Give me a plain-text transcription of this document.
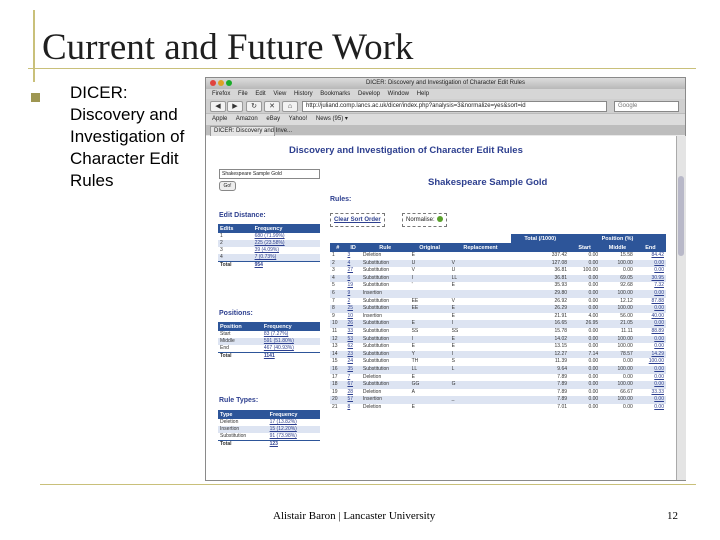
Current and Future Work
DICER: Discovery and Investigation of Character Edit Rules
Alistair Baron | Lancaster University	12
DICER: Discovery and Investigation of Character Edit Rules
Firefox File Edit View History Bookmarks Develop Window Help
◀	▶	↻	✕	⌂	http://juliand.comp.lancs.ac.uk/dicer/index.php?analysis=3&normalize=yes&sort=id	Google
Apple Amazon eBay Yahoo! News (95) ▾
DICER: Discovery and Inve...
Discovery and Investigation of Character Edit Rules
Shakespeare Sample Gold
Go!	Shakespeare Sample Gold
Rules:
Clear Sort Order	Normalise:
Edit Distance:
Edits	Frequency
1	680 (71.99%)
2	225 (23.58%)
3	39 (4.09%)
4	7 (0.73%)
Total	954
Positions:
Position	Frequency
Start	83 (7.27%)
Middle	591 (51.80%)
End	467 (40.93%)
Total	1141
Rule Types:
Type	Frequency
Deletion	17 (13.82%)
Insertion	15 (12.20%)
Substitution	91 (73.98%)
Total	123
					Total (/1000)	Position (%)		
#	ID	Rule	Original	Replacement		Start	Middle	End
1	3	Deletion	E		337.42	0.00	15.58	84.42
2	4	Substitution	U	V	127.08	0.00	100.00	0.00
3	27	Substitution	V	U	36.81	100.00	0.00	0.00
4	6	Substitution	I	LL	36.81	0.00	69.05	30.95
5	19	Substitution	'	E	35.93	0.00	92.68	7.32
6	9	Insertion			29.80	0.00	100.00	0.00
7	2	Substitution	EE	V	26.92	0.00	12.12	87.88
8	25	Substitution	EE	E	26.29	0.00	100.00	0.00
9	10	Insertion		E	21.91	4.00	56.00	40.00
10	26	Substitution	E	I	16.65	26.95	21.05	0.00
11	33	Substitution	SS	SS	15.78	0.00	11.11	88.89
12	53	Substitution	I	E	14.02	0.00	100.00	0.00
13	62	Substitution	E	E	13.15	0.00	100.00	0.00
14	23	Substitution	Y	I	12.27	7.14	78.57	14.29
15	24	Substitution	TH	S	11.39	0.00	0.00	100.00
16	35	Substitution	LL	L	9.64	0.00	100.00	0.00
17	7	Deletion	E		7.89	0.00	0.00	0.00
18	67	Substitution	GG	G	7.89	0.00	100.00	0.00
19	28	Deletion	A		7.89	0.00	66.67	33.33
20	57	Insertion		_	7.89	0.00	100.00	0.00
21	8	Deletion	E		7.01	0.00	0.00	0.00
